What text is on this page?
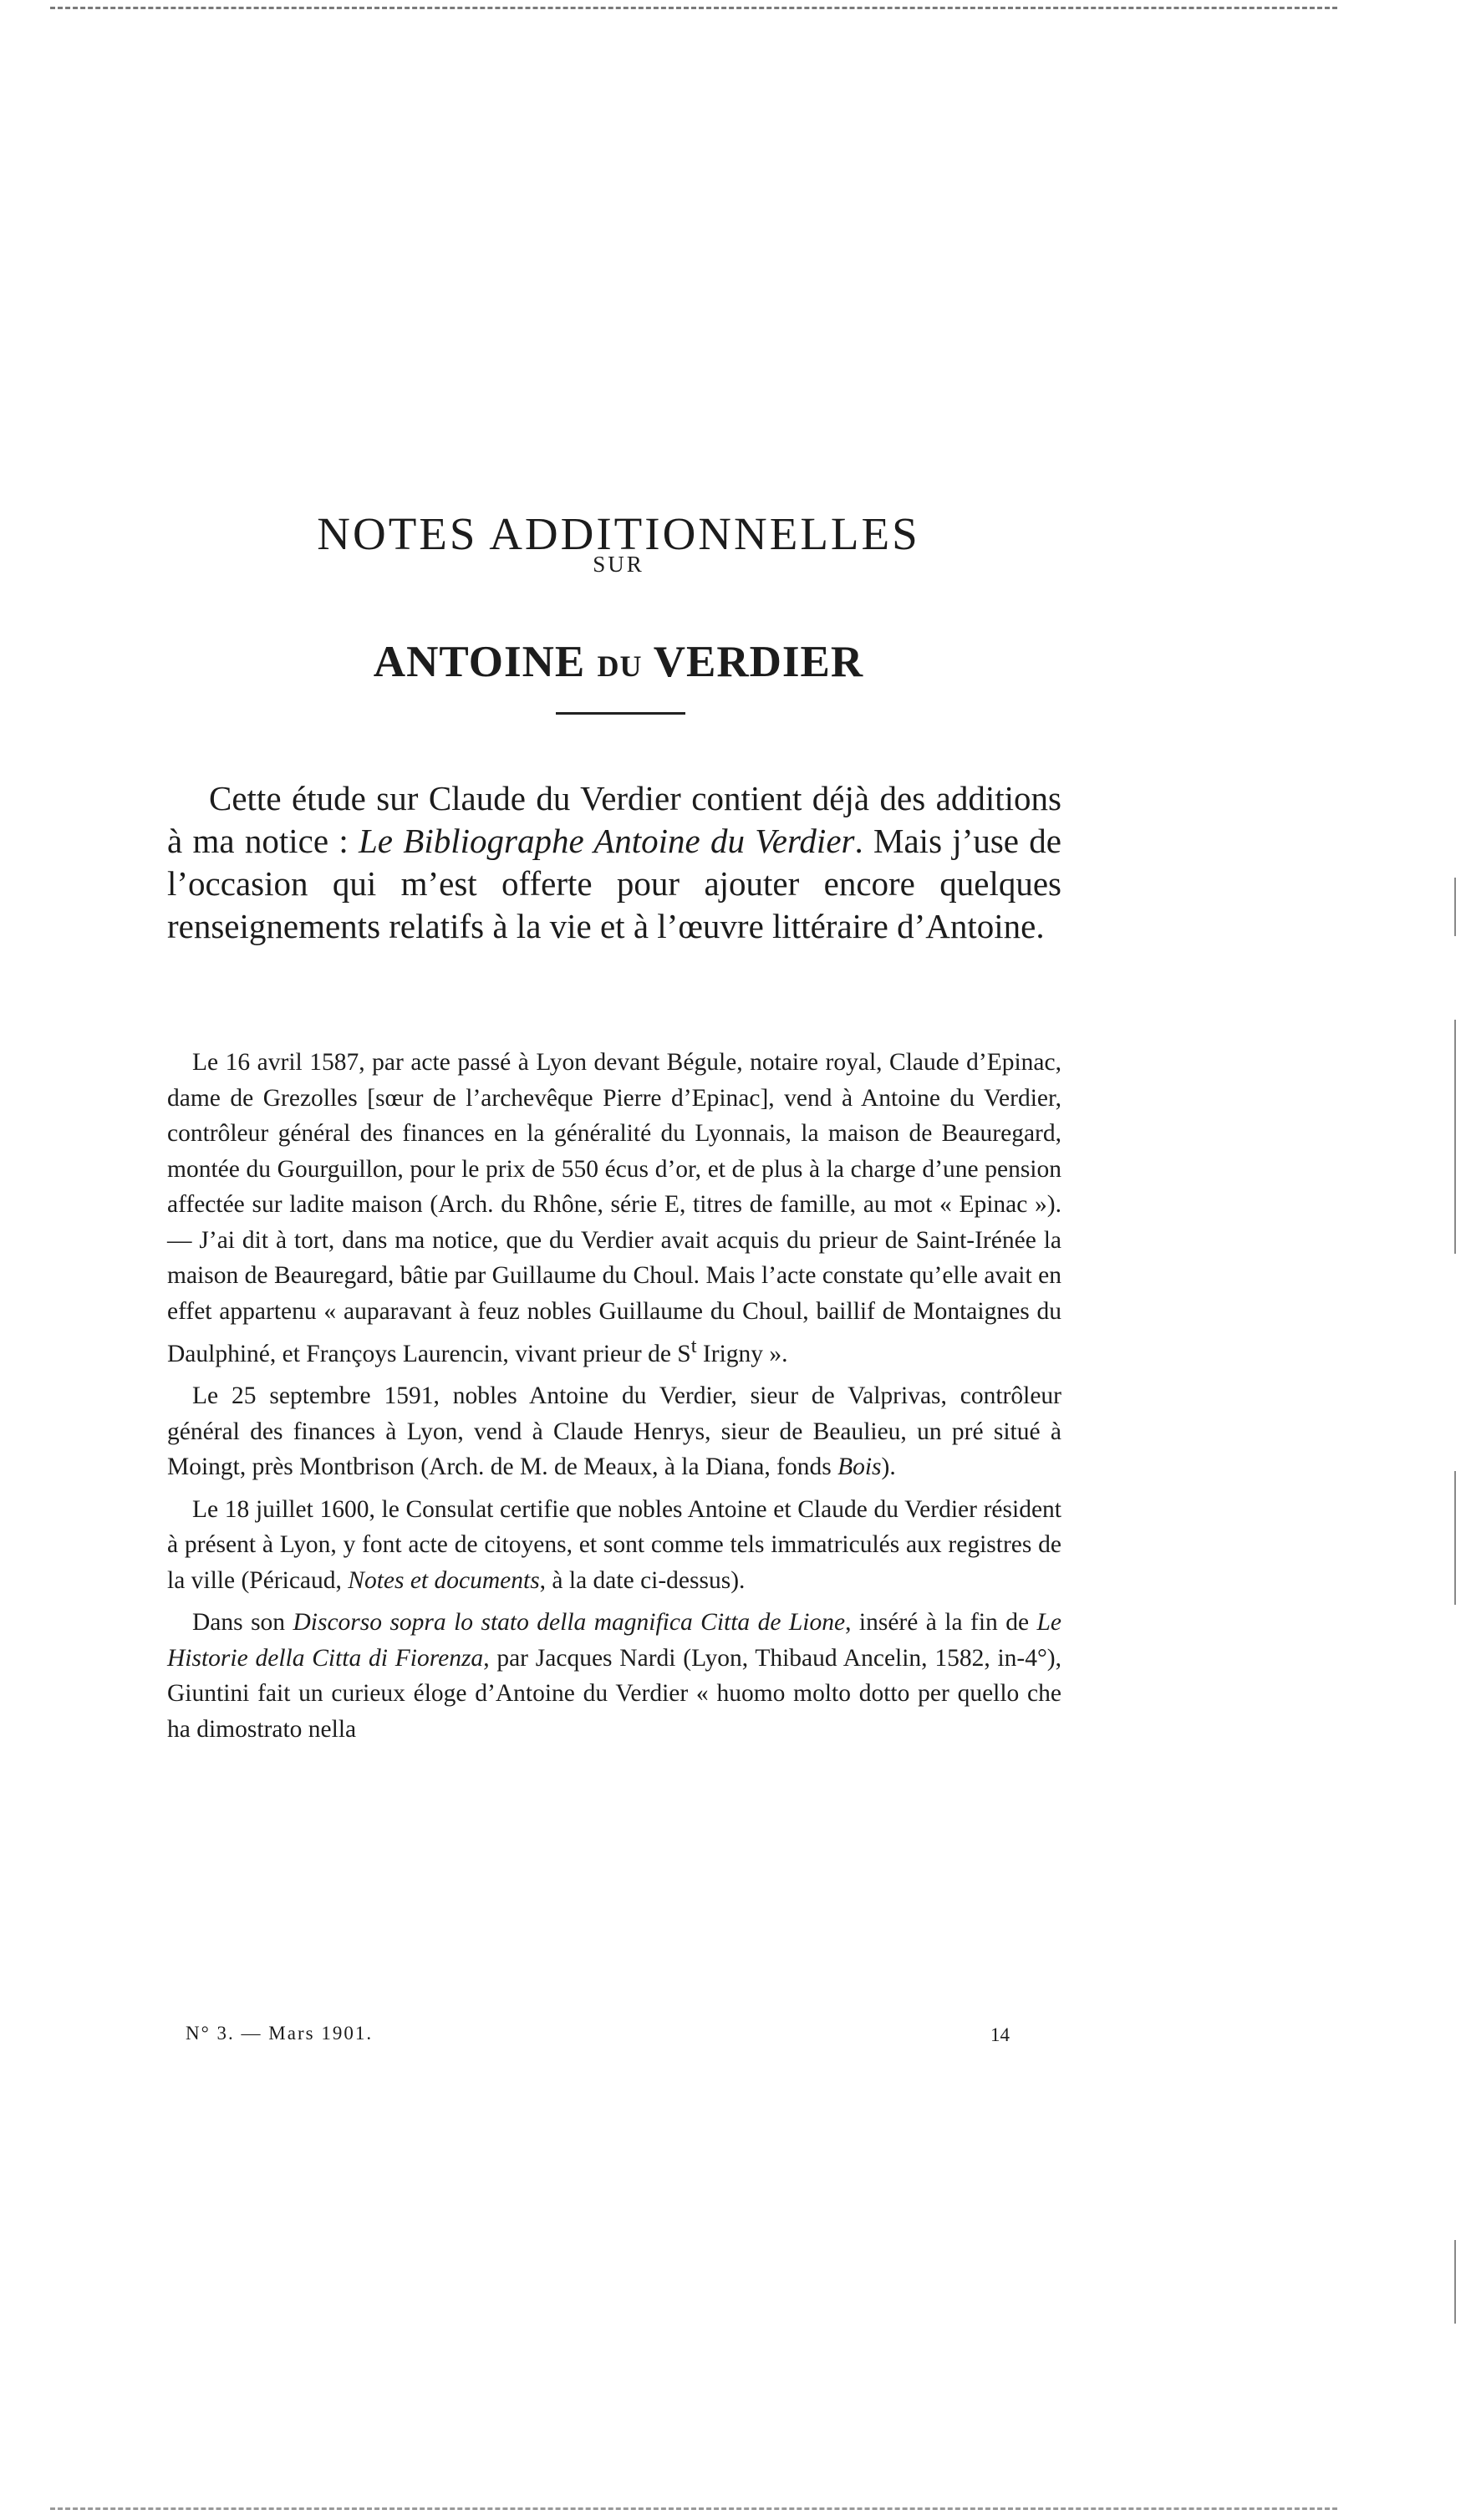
NOTES ADDITIONNELLES
SUR
ANTOINE DU VERDIER

Cette étude sur Claude du Verdier contient déjà des additions à ma notice : Le Bibliographe Antoine du Verdier. Mais j’use de l’occasion qui m’est offerte pour ajouter encore quelques renseignements relatifs à la vie et à l’œuvre littéraire d’Antoine.

Le 16 avril 1587, par acte passé à Lyon devant Bégule, notaire royal, Claude d’Epinac, dame de Grezolles [sœur de l’archevêque Pierre d’Epinac], vend à Antoine du Verdier, contrôleur général des finances en la généralité du Lyonnais, la maison de Beauregard, montée du Gourguillon, pour le prix de 550 écus d’or, et de plus à la charge d’une pension affectée sur ladite maison (Arch. du Rhône, série E, titres de famille, au mot « Epinac »). — J’ai dit à tort, dans ma notice, que du Verdier avait acquis du prieur de Saint-Irénée la maison de Beauregard, bâtie par Guillaume du Choul. Mais l’acte constate qu’elle avait en effet appartenu « auparavant à feuz nobles Guillaume du Choul, baillif de Montaignes du Daulphiné, et Françoys Laurencin, vivant prieur de $S^t$ Irigny ».

Le 25 septembre 1591, nobles Antoine du Verdier, sieur de Valprivas, contrôleur général des finances à Lyon, vend à Claude Henrys, sieur de Beaulieu, un pré situé à Moingt, près Montbrison (Arch. de M. de Meaux, à la Diana, fonds Bois).

Le 18 juillet 1600, le Consulat certifie que nobles Antoine et Claude du Verdier résident à présent à Lyon, y font acte de citoyens, et sont comme tels immatriculés aux registres de la ville (Péricaud, Notes et documents, à la date ci-dessus).

Dans son Discorso sopra lo stato della magnifica Citta de Lione, inséré à la fin de Le Historie della Citta di Fiorenza, par Jacques Nardi (Lyon, Thibaud Ancelin, 1582, in-4°), Giuntini fait un curieux éloge d’Antoine du Verdier « huomo molto dotto per quello che ha dimostrato nella

N° 3. — Mars 1901.	14
